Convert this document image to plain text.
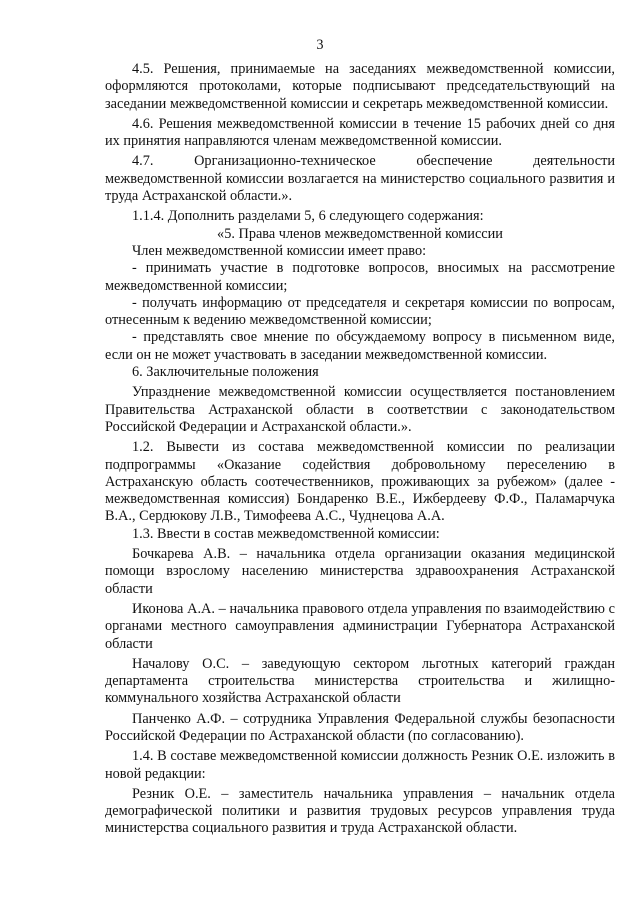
3

4.5. Решения, принимаемые на заседаниях межведомственной комиссии, оформляются протоколами, которые подписывают председательствующий на заседании межведомственной комиссии и секретарь межведомственной комиссии.

4.6. Решения межведомственной комиссии в течение 15 рабочих дней со дня их принятия направляются членам межведомственной комиссии.

4.7. Организационно-техническое обеспечение деятельности межведомственной комиссии возлагается на министерство социального развития и труда Астраханской области.».

1.1.4. Дополнить разделами 5, 6 следующего содержания:

«5. Права членов межведомственной комиссии

Член межведомственной комиссии имеет право:

- принимать участие в подготовке вопросов, вносимых на рассмотрение межведомственной комиссии;

- получать информацию от председателя и секретаря комиссии по вопросам, отнесенным к ведению межведомственной комиссии;

- представлять свое мнение по обсуждаемому вопросу в письменном виде, если он не может участвовать в заседании межведомственной комиссии.

6. Заключительные положения

Упразднение межведомственной комиссии осуществляется постановлением Правительства Астраханской области в соответствии с законодательством Российской Федерации и Астраханской области.».

1.2. Вывести из состава межведомственной комиссии по реализации подпрограммы «Оказание содействия добровольному переселению в Астраханскую область соотечественников, проживающих за рубежом» (далее - межведомственная комиссия) Бондаренко В.Е., Ижбердееву Ф.Ф., Паламарчука В.А., Сердюкову Л.В., Тимофеева А.С., Чуднецова А.А.

1.3. Ввести в состав межведомственной комиссии:

Бочкарева А.В. – начальника отдела организации оказания медицинской помощи взрослому населению министерства здравоохранения Астраханской области

Иконова А.А. – начальника правового отдела управления по взаимодействию с органами местного самоуправления администрации Губернатора Астраханской области

Началову О.С. – заведующую сектором льготных категорий граждан департамента строительства министерства строительства и жилищно-коммунального хозяйства Астраханской области

Панченко А.Ф. – сотрудника Управления Федеральной службы безопасности Российской Федерации по Астраханской области (по согласованию).

1.4. В составе межведомственной комиссии должность Резник О.Е. изложить в новой редакции:

Резник О.Е. – заместитель начальника управления – начальник отдела демографической политики и развития трудовых ресурсов управления труда министерства социального развития и труда Астраханской области.
